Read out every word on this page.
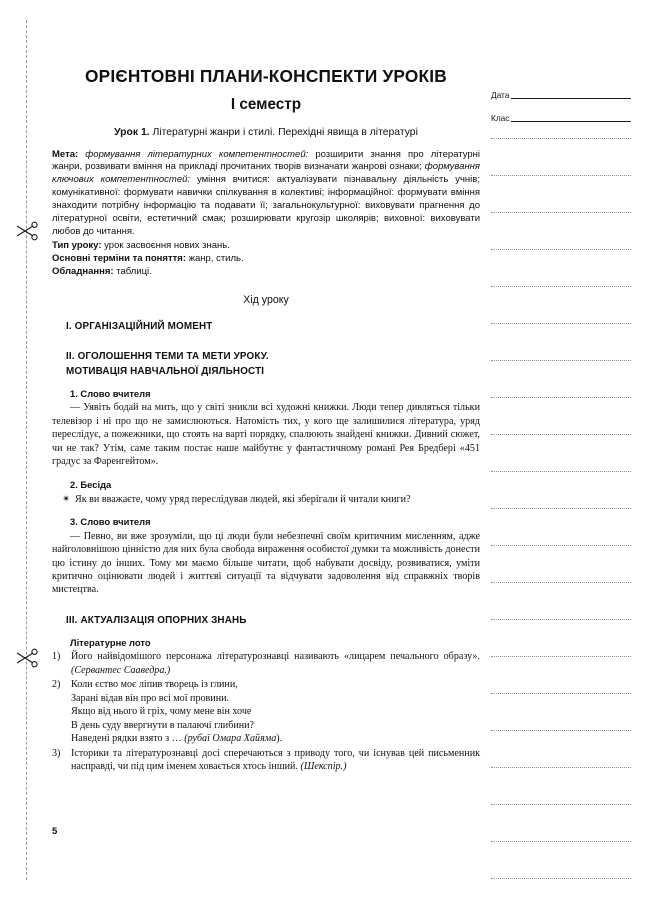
ОРІЄНТОВНІ ПЛАНИ-КОНСПЕКТИ УРОКІВ
I семестр

Урок 1. Літературні жанри і стилі. Перехідні явища в літературі

Мета: формування літературних компетентностей: розширити знання про літературні жанри, розвивати вміння на прикладі прочитаних творів визначати жанрові ознаки; формування ключових компетентностей: уміння вчитися: актуалізувати пізнавальну діяльність учнів; комунікативної: формувати навички спілкування в колективі; інформаційної: формувати вміння знаходити потрібну інформацію та подавати її; загальнокультурної: виховувати прагнення до літературної освіти, естетичний смак; розширювати кругозір школярів; виховної: виховувати любов до читання.

Тип уроку: урок засвоєння нових знань.

Основні терміни та поняття: жанр, стиль.

Обладнання: таблиці.

Хід уроку

I. ОРГАНІЗАЦІЙНИЙ МОМЕНТ

II. ОГОЛОШЕННЯ ТЕМИ ТА МЕТИ УРОКУ.

МОТИВАЦІЯ НАВЧАЛЬНОЇ ДІЯЛЬНОСТІ

1. Слово вчителя

— Уявіть бодай на мить, що у світі зникли всі художні книжки. Люди тепер дивляться тільки телевізор і ні про що не замислюються. Натомість тих, у кого ще залишилися література, уряд переслідує, а пожежники, що стоять на варті порядку, спалюють знайдені книжки. Дивний сюжет, чи не так? Утім, саме таким постає наше майбутнє у фантастичному романі Рея Бредбері «451 градус за Фаренгейтом».

2. Бесіда

✴ Як ви вважаєте, чому уряд переслідував людей, які зберігали й читали книги?

3. Слово вчителя

— Певно, ви вже зрозуміли, що ці люди були небезпечні своїм критичним мисленням, адже найголовнішою цінністю для них була свобода вираження особистої думки та можливість донести цю істину до інших. Тому ми маємо більше читати, щоб набувати досвіду, розвиватися, уміти критично оцінювати людей і життєві ситуації та відчувати задоволення від справжніх творів мистецтва.

III. АКТУАЛІЗАЦІЯ ОПОРНИХ ЗНАНЬ

Літературне лото

1)	Його найвідомішого персонажа літературознавці називають «лицарем печального образу». (Сервантес Сааведра.)

2)	Коли єство моє ліпив творець із глини,

Зарані відав він про всі мої провини.

Якщо від нього й гріх, чому мене він хоче

В день суду ввергнути в палаючі глибини?

Наведені рядки взято з … (рубаї Омара Хайяма).

3)	Історики та літературознавці досі сперечаються з приводу того, чи існував цей письменник насправді, чи під цим іменем ховається хтось інший. (Шекспір.)

5
Дата
Клас
